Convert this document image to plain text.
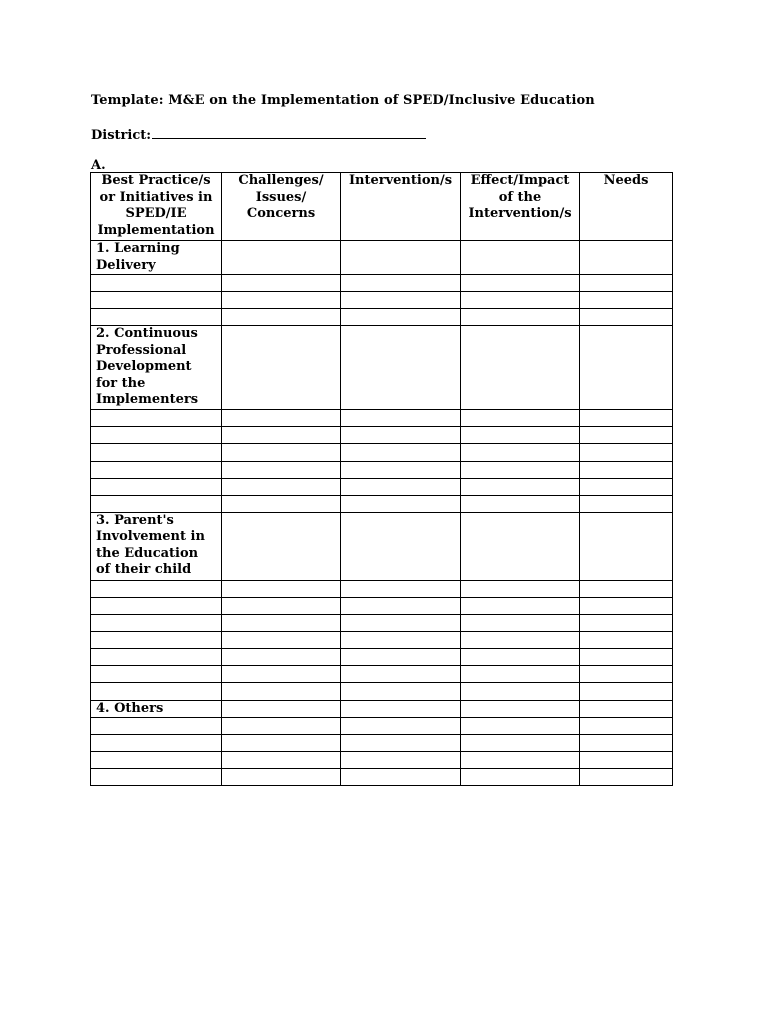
Template: M&E on the Implementation of SPED/Inclusive Education
District:
A.
Best Practice/s or Initiatives in SPED/IE Implementation	Challenges/ Issues/ Concerns	Intervention/s	Effect/Impact of the Intervention/s	Needs
1. Learning Delivery				

2. Continuous Professional Development for the Implementers				

3. Parent's Involvement in the Education of their child				

4. Others				
